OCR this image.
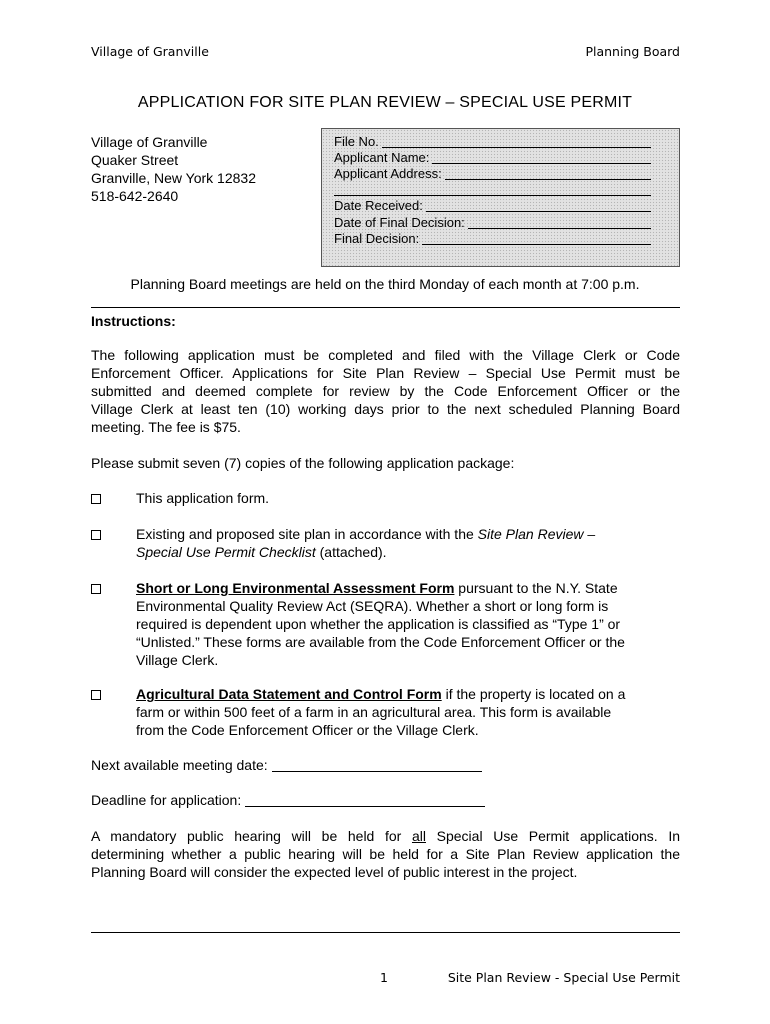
Village of Granville	Planning Board
APPLICATION FOR SITE PLAN REVIEW – SPECIAL USE PERMIT
Village of Granville
Quaker Street
Granville, New York 12832
518-642-2640
File No.
Applicant Name:
Applicant Address:
Date Received:
Date of Final Decision:
Final Decision:
Planning Board meetings are held on the third Monday of each month at 7:00 p.m.
Instructions:
The following application must be completed and filed with the Village Clerk or Code
Enforcement Officer. Applications for Site Plan Review – Special Use Permit must be
submitted and deemed complete for review by the Code Enforcement Officer or the
Village Clerk at least ten (10) working days prior to the next scheduled Planning Board
meeting. The fee is $75.
Please submit seven (7) copies of the following application package:
This application form.
Existing and proposed site plan in accordance with the Site Plan Review –
Special Use Permit Checklist (attached).
Short or Long Environmental Assessment Form pursuant to the N.Y. State
Environmental Quality Review Act (SEQRA). Whether a short or long form is
required is dependent upon whether the application is classified as “Type 1” or
“Unlisted.” These forms are available from the Code Enforcement Officer or the
Village Clerk.
Agricultural Data Statement and Control Form if the property is located on a
farm or within 500 feet of a farm in an agricultural area. This form is available
from the Code Enforcement Officer or the Village Clerk.
Next available meeting date:
Deadline for application:
A mandatory public hearing will be held for all Special Use Permit applications. In
determining whether a public hearing will be held for a Site Plan Review application the
Planning Board will consider the expected level of public interest in the project.
1	Site Plan Review - Special Use Permit
